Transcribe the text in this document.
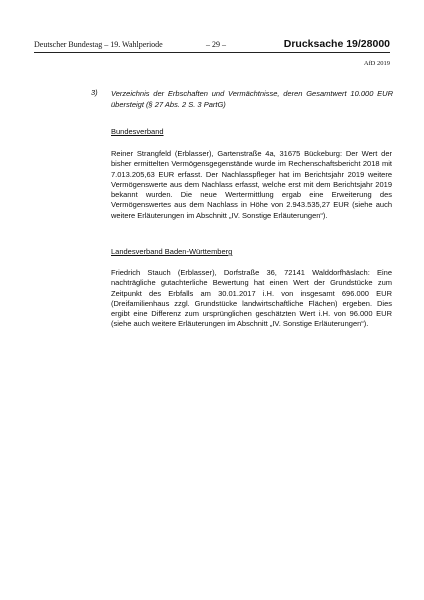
Deutscher Bundestag – 19. Wahlperiode	– 29 –	Drucksache 19/28000
AfD 2019
3) Verzeichnis der Erbschaften und Vermächtnisse, deren Gesamtwert 10.000 EUR übersteigt (§ 27 Abs. 2 S. 3 PartG)
Bundesverband

Reiner Strangfeld (Erblasser), Gartenstraße 4a, 31675 Bückeburg: Der Wert der bisher ermittelten Vermögensgegenstände wurde im Rechenschaftsbericht 2018 mit 7.013.205,63 EUR erfasst. Der Nachlasspfleger hat im Berichtsjahr 2019 weitere Vermögenswerte aus dem Nachlass erfasst, welche erst mit dem Berichtsjahr 2019 bekannt wurden. Die neue Wertermittlung ergab eine Erweiterung des Vermögenswertes aus dem Nachlass in Höhe von 2.943.535,27 EUR (siehe auch weitere Erläuterungen im Abschnitt „IV. Sonstige Erläuterungen“).

Landesverband Baden-Württemberg

Friedrich Stauch (Erblasser), Dorfstraße 36, 72141 Walddorfhäslach: Eine nachträgliche gutachterliche Bewertung hat einen Wert der Grundstücke zum Zeitpunkt des Erbfalls am 30.01.2017 i.H. von insgesamt 696.000 EUR (Dreifamilienhaus zzgl. Grundstücke landwirtschaftliche Flächen) ergeben. Dies ergibt eine Differenz zum ursprünglichen geschätzten Wert i.H. von 96.000 EUR (siehe auch weitere Erläuterungen im Abschnitt „IV. Sonstige Erläuterungen“).
